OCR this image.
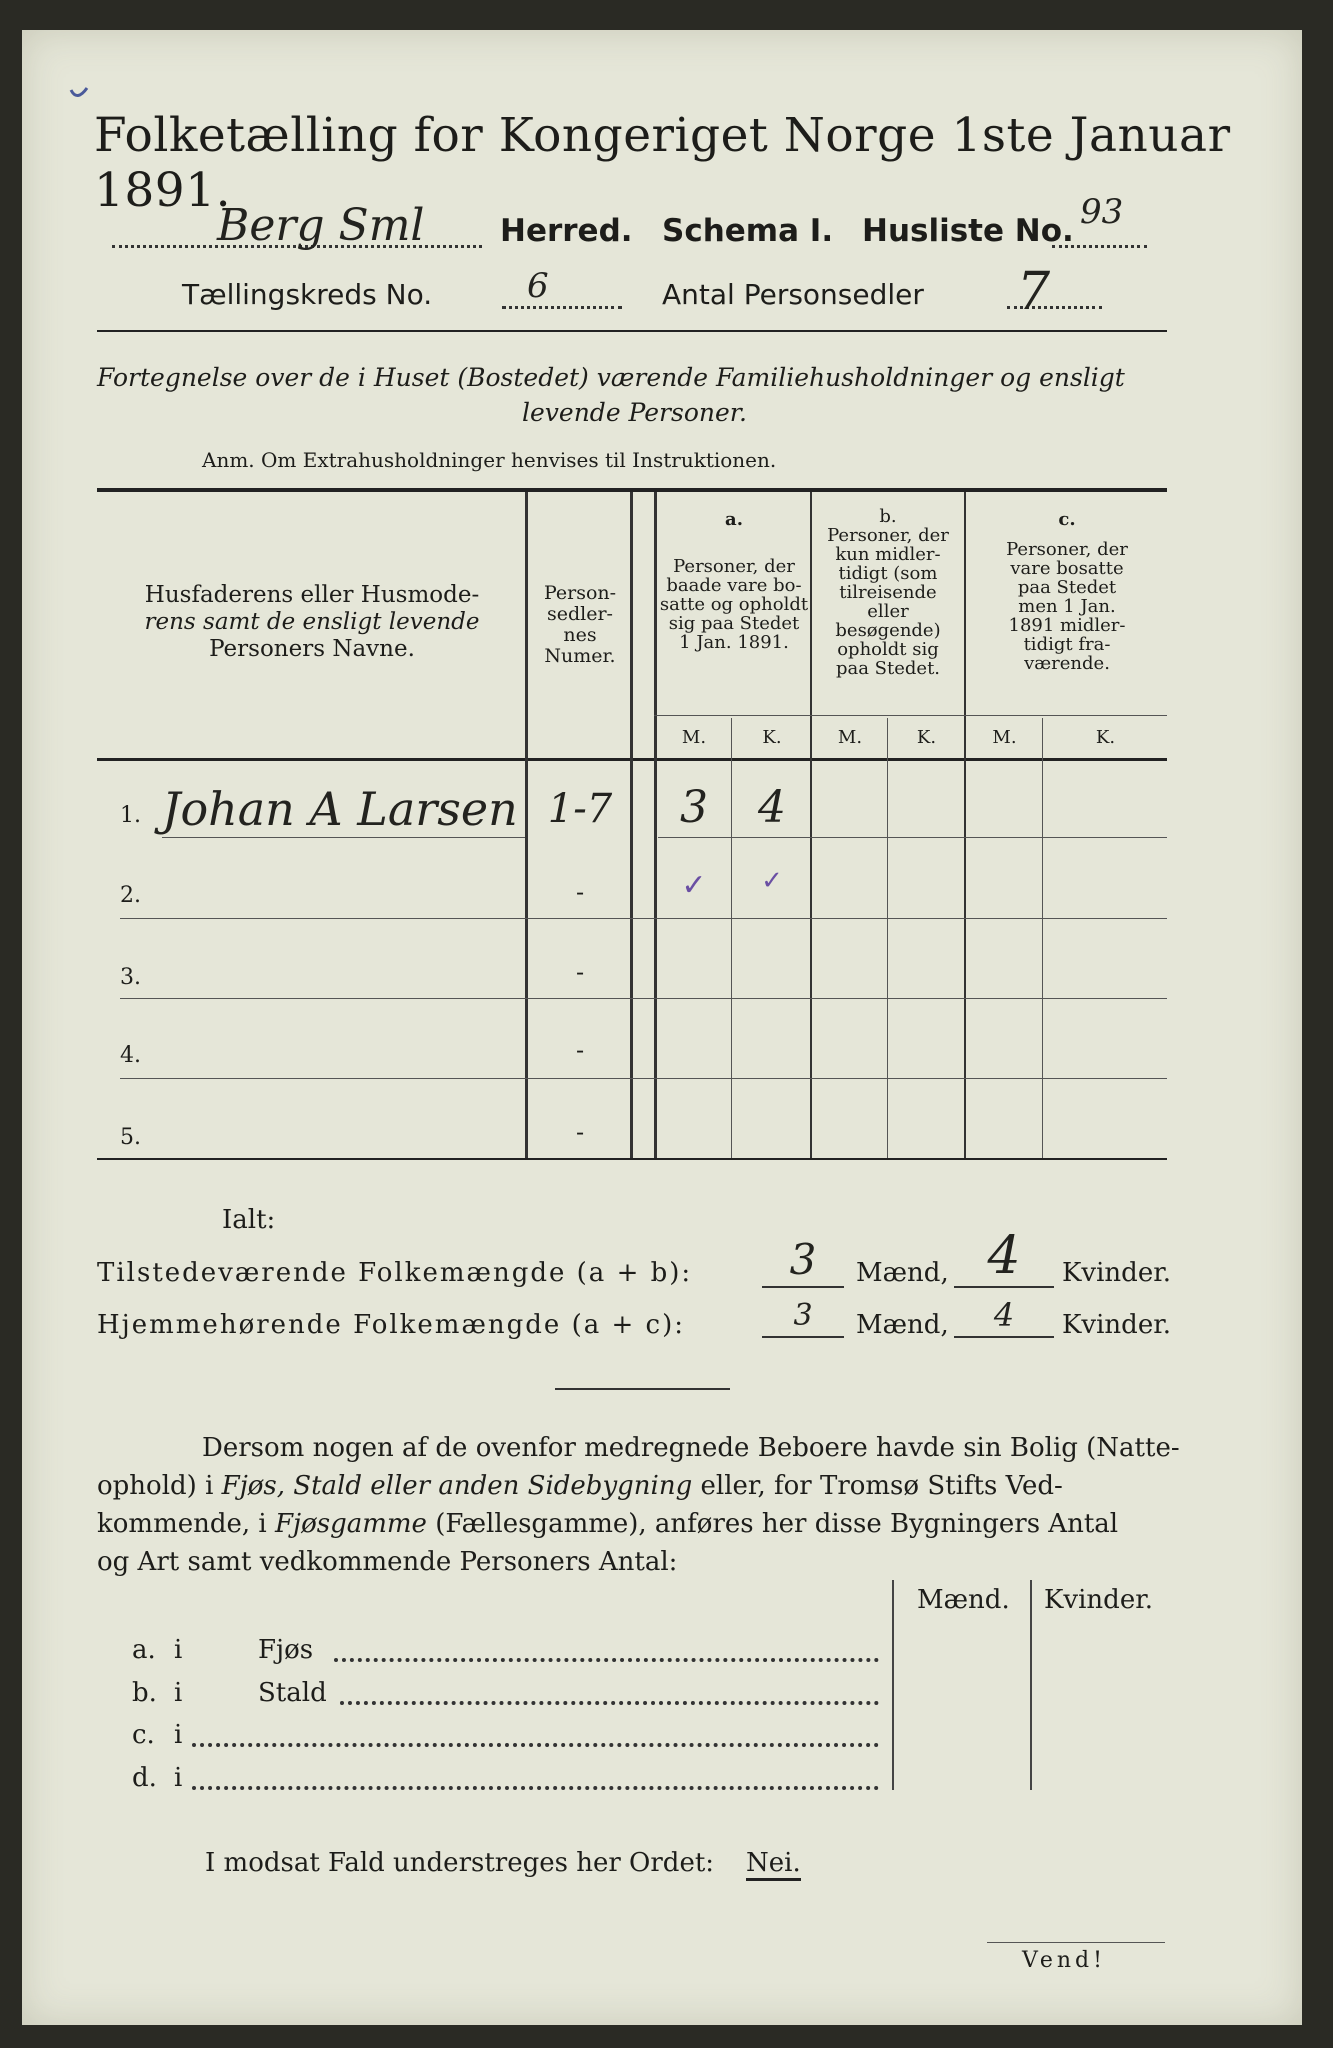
Folketælling for Kongeriget Norge 1ste Januar 1891.
Berg Sml Herred. Schema I. Husliste No. 93
Tællingskreds No.	6	Antal Personsedler 7
Fortegnelse over de i Huset (Bostedet) værende Familiehusholdninger og ensligt
levende Personer.
Anm. Om Extrahusholdninger henvises til Instruktionen.
Husfaderens eller Husmode-
rens samt de ensligt levende
Personers Navne.
Person-
sedler-
nes
Numer.
a.
Personer, der
baade vare bo-
satte og opholdt
sig paa Stedet
1 Jan. 1891.
b.
Personer, der
kun midler-
tidigt (som
tilreisende
eller
besøgende)
opholdt sig
paa Stedet.
c.
Personer, der
vare bosatte
paa Stedet
men 1 Jan.
1891 midler-
tidigt fra-
værende.
M.	K.	M.	K.	M.	K.
1. Johan A Larsen 1-7	3	4
2.	-	✓	✓
3.	-
4.	-
5.	-
Ialt:
Tilstedeværende Folkemængde (a + b):	3	Mænd, 4	Kvinder.
Hjemmehørende Folkemængde (a + c):	3	Mænd,	4	Kvinder.
Dersom nogen af de ovenfor medregnede Beboere havde sin Bolig (Natte-
ophold) i Fjøs, Stald eller anden Sidebygning eller, for Tromsø Stifts Ved-
kommende, i Fjøsgamme (Fællesgamme), anføres her disse Bygningers Antal
og Art samt vedkommende Personers Antal:
Mænd. Kvinder.
a. i	Fjøs
b. i	Stald
c. i
d. i
I modsat Fald understreges her Ordet: Nei.
Vend!
